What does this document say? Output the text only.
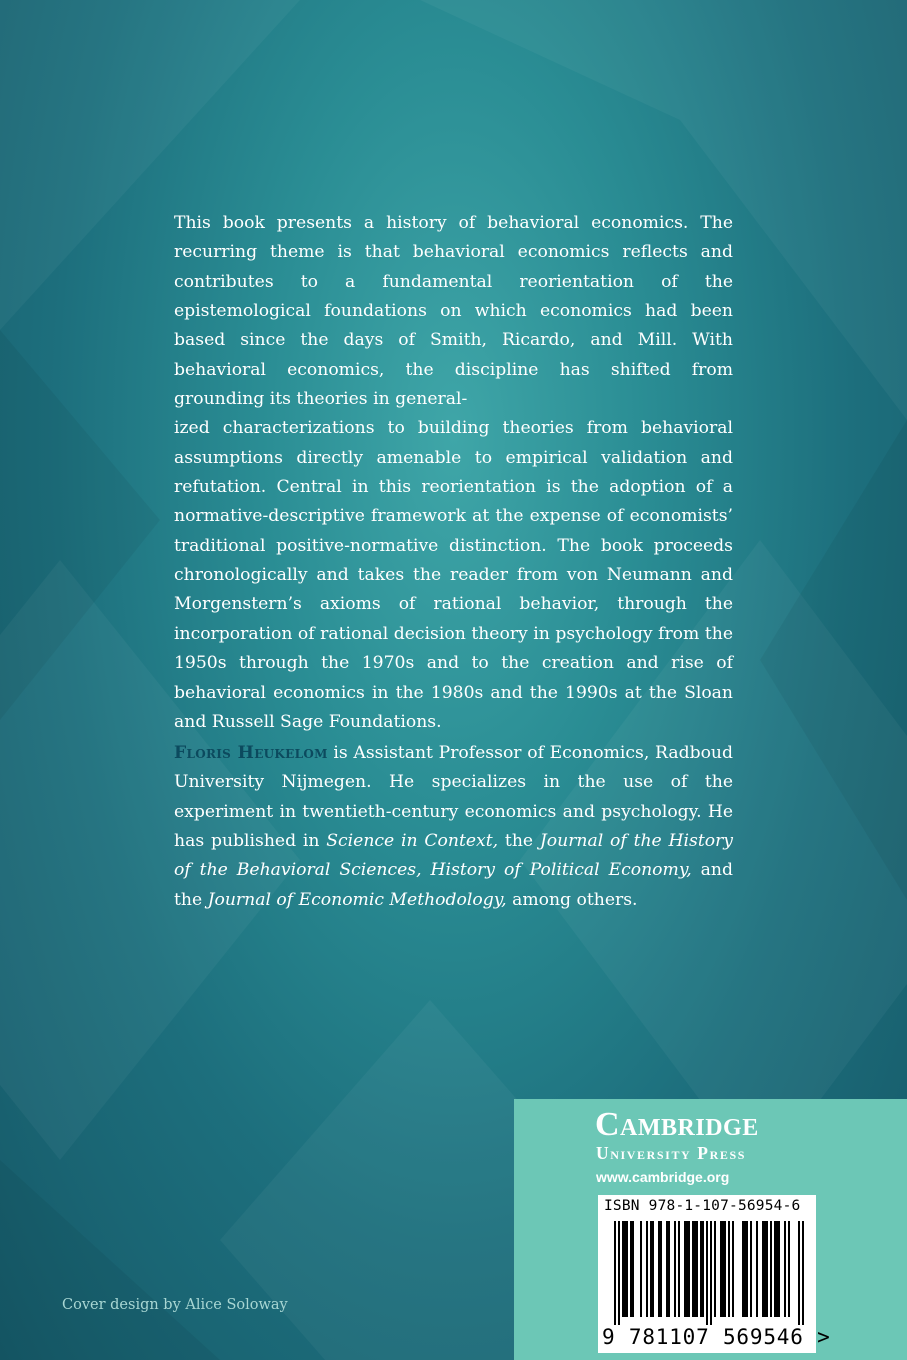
This book presents a history of behavioral economics. The recurring theme is that behavioral economics reflects and contributes to a fundamental reorientation of the epistemological foundations on which economics had been based since the days of Smith, Ricardo, and Mill. With behavioral economics, the discipline has shifted from grounding its theories in general-
ized characterizations to building theories from behavioral assumptions directly amenable to empirical validation and refutation. Central in this reorientation is the adoption of a normative-descriptive framework at the expense of economists’ traditional positive-normative distinction. The book proceeds chronologically and takes the reader from von Neumann and Morgenstern’s axioms of rational behavior, through the incorporation of rational decision theory in psychology from the 1950s through the 1970s and to the creation and rise of behavioral economics in the 1980s and the 1990s at the Sloan and Russell Sage Foundations.

Floris Heukelom is Assistant Professor of Economics, Radboud University Nijmegen. He specializes in the use of the experiment in twentieth-century economics and psychology. He has published in Science in Context, the Journal of the History of the Behavioral Sciences, History of Political Economy, and the Journal of Economic Methodology, among others.

Cover design by Alice Soloway
Cambridge
University Press
www.cambridge.org
ISBN 978-1-107-56954-6
9 781107 569546 >
